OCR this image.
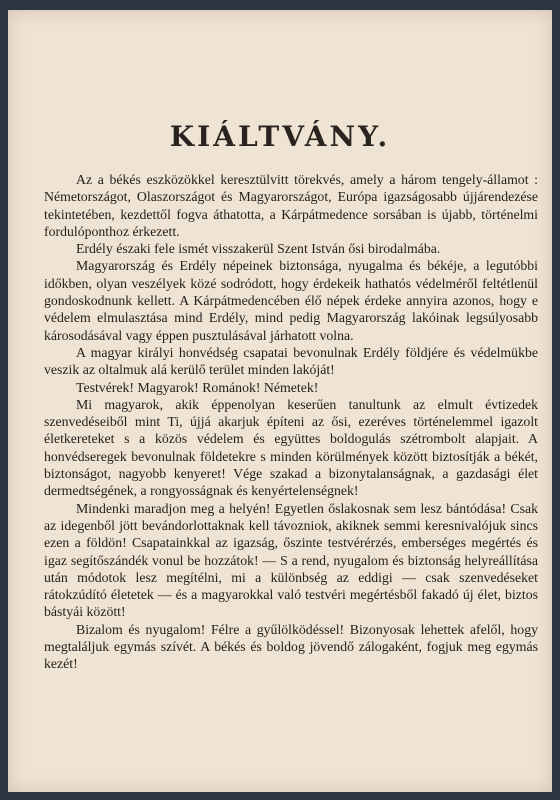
KIÁLTVÁNY.

Az a békés eszközökkel keresztülvitt törekvés, amely a három tengely-államot : Németországot, Olaszországot és Magyarországot, Európa igazságosabb újjárendezése tekintetében, kezdettől fogva áthatotta, a Kárpátmedence sorsában is újabb, történelmi fordulóponthoz érkezett.

Erdély északi fele ismét visszakerül Szent István ősi birodalmába.

Magyarország és Erdély népeinek biztonsága, nyugalma és békéje, a legutóbbi időkben, olyan veszélyek közé sodródott, hogy érdekeik hathatós védelméről feltétlenül gondoskodnunk kellett. A Kárpátmedencében élő népek érdeke annyira azonos, hogy e védelem elmulasztása mind Erdély, mind pedig Magyarország lakóinak legsúlyosabb károsodásával vagy éppen pusztulásával járhatott volna.

A magyar királyi honvédség csapatai bevonulnak Erdély földjére és védelmükbe veszik az oltalmuk alá kerülő terület minden lakóját!

Testvérek! Magyarok! Románok! Németek!

Mi magyarok, akik éppenolyan keserűen tanultunk az elmult évtizedek szenvedéseiből mint Ti, újjá akarjuk építeni az ősi, ezeréves történelemmel igazolt életkereteket s a közös védelem és együttes boldogulás szétrombolt alapjait. A honvédseregek bevonulnak földetekre s minden körülmények között biztosítják a békét, biztonságot, nagyobb kenyeret! Vége szakad a bizonytalanságnak, a gazdasági élet dermedtségének, a rongyosságnak és kenyértelenségnek!

Mindenki maradjon meg a helyén! Egyetlen őslakosnak sem lesz bántódása! Csak az idegenből jött bevándorlottaknak kell távozniok, akiknek semmi keresnivalójuk sincs ezen a földön! Csapatainkkal az igazság, őszinte testvérérzés, emberséges megértés és igaz segítőszándék vonul be hozzátok! — S a rend, nyugalom és biztonság helyreállítása után módotok lesz megítélni, mi a különbség az eddigi — csak szenvedéseket rátokzúdító életetek — és a magyarokkal való testvéri megértésből fakadó új élet, biztos bástyái között!

Bizalom és nyugalom! Félre a gyűlölködéssel! Bizonyosak lehettek afelől, hogy megtaláljuk egymás szívét. A békés és boldog jövendő zálogaként, fogjuk meg egymás kezét!
